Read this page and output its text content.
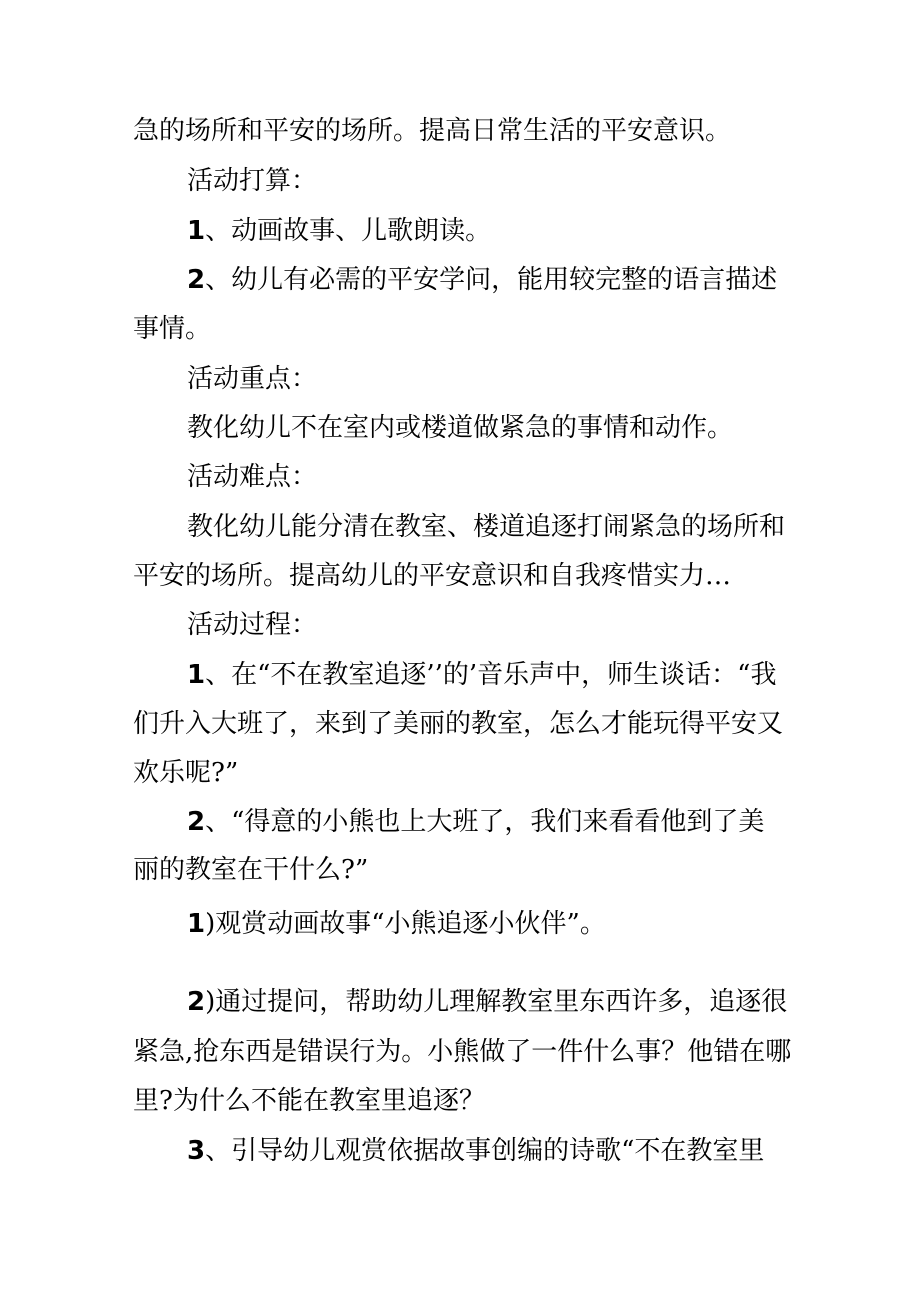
急的场所和平安的场所。提高日常生活的平安意识。
活动打算：
1、动画故事、儿歌朗读。
2、幼儿有必需的平安学问，能用较完整的语言描述
事情。
活动重点：
教化幼儿不在室内或楼道做紧急的事情和动作。
活动难点：
教化幼儿能分清在教室、楼道追逐打闹紧急的场所和
平安的场所。提高幼儿的平安意识和自我疼惜实力…
活动过程：
1、在“不在教室追逐’’的’音乐声中，师生谈话：“我
们升入大班了，来到了美丽的教室，怎么才能玩得平安又
欢乐呢?”
2、“得意的小熊也上大班了，我们来看看他到了美
丽的教室在干什么?”
1)观赏动画故事“小熊追逐小伙伴”。
2)通过提问，帮助幼儿理解教室里东西许多，追逐很
紧急,抢东西是错误行为。小熊做了一件什么事？他错在哪
里?为什么不能在教室里追逐？
3、引导幼儿观赏依据故事创编的诗歌“不在教室里
